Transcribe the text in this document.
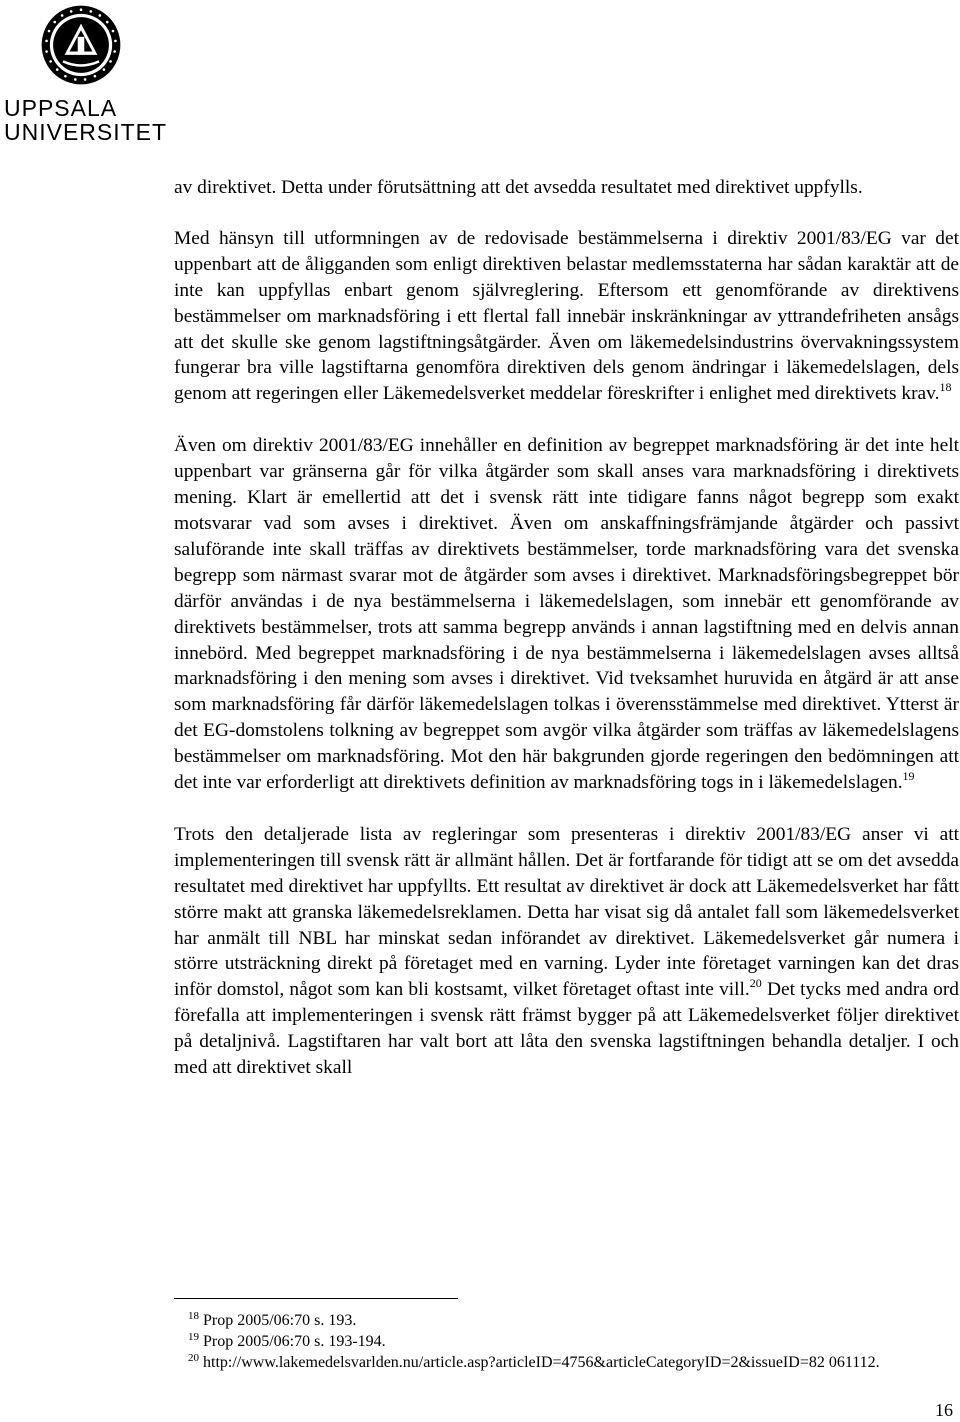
UPPSALA
UNIVERSITET

av direktivet. Detta under förutsättning att det avsedda resultatet med direktivet uppfylls.

Med hänsyn till utformningen av de redovisade bestämmelserna i direktiv 2001/83/EG var det uppenbart att de åligganden som enligt direktiven belastar medlemsstaterna har sådan karaktär att de inte kan uppfyllas enbart genom självreglering. Eftersom ett genomförande av direktivens bestämmelser om marknadsföring i ett flertal fall innebär inskränkningar av yttrandefriheten ansågs att det skulle ske genom lagstiftningsåtgärder. Även om läkemedelsindustrins övervakningssystem fungerar bra ville lagstiftarna genomföra direktiven dels genom ändringar i läkemedelslagen, dels genom att regeringen eller Läkemedelsverket meddelar föreskrifter i enlighet med direktivets krav.$^{18}$

Även om direktiv 2001/83/EG innehåller en definition av begreppet marknadsföring är det inte helt uppenbart var gränserna går för vilka åtgärder som skall anses vara marknadsföring i direktivets mening. Klart är emellertid att det i svensk rätt inte tidigare fanns något begrepp som exakt motsvarar vad som avses i direktivet. Även om anskaffningsfrämjande åtgärder och passivt saluförande inte skall träffas av direktivets bestämmelser, torde marknadsföring vara det svenska begrepp som närmast svarar mot de åtgärder som avses i direktivet. Marknadsföringsbegreppet bör därför användas i de nya bestämmelserna i läkemedelslagen, som innebär ett genomförande av direktivets bestämmelser, trots att samma begrepp används i annan lagstiftning med en delvis annan innebörd. Med begreppet marknadsföring i de nya bestämmelserna i läkemedelslagen avses alltså marknadsföring i den mening som avses i direktivet. Vid tveksamhet huruvida en åtgärd är att anse som marknadsföring får därför läkemedelslagen tolkas i överensstämmelse med direktivet. Ytterst är det EG-domstolens tolkning av begreppet som avgör vilka åtgärder som träffas av läkemedelslagens bestämmelser om marknadsföring. Mot den här bakgrunden gjorde regeringen den bedömningen att det inte var erforderligt att direktivets definition av marknadsföring togs in i läkemedelslagen.$^{19}$

Trots den detaljerade lista av regleringar som presenteras i direktiv 2001/83/EG anser vi att implementeringen till svensk rätt är allmänt hållen. Det är fortfarande för tidigt att se om det avsedda resultatet med direktivet har uppfyllts. Ett resultat av direktivet är dock att Läkemedelsverket har fått större makt att granska läkemedelsreklamen. Detta har visat sig då antalet fall som läkemedelsverket har anmält till NBL har minskat sedan införandet av direktivet. Läkemedelsverket går numera i större utsträckning direkt på företaget med en varning. Lyder inte företaget varningen kan det dras inför domstol, något som kan bli kostsamt, vilket företaget oftast inte vill.$^{20}$ Det tycks med andra ord förefalla att implementeringen i svensk rätt främst bygger på att Läkemedelsverket följer direktivet på detaljnivå. Lagstiftaren har valt bort att låta den svenska lagstiftningen behandla detaljer. I och med att direktivet skall

$^{18}$ Prop 2005/06:70 s. 193.
$^{19}$ Prop 2005/06:70 s. 193-194.
$^{20}$ http://www.lakemedelsvarlden.nu/article.asp?articleID=4756&articleCategoryID=2&issueID=82 061112.
16
